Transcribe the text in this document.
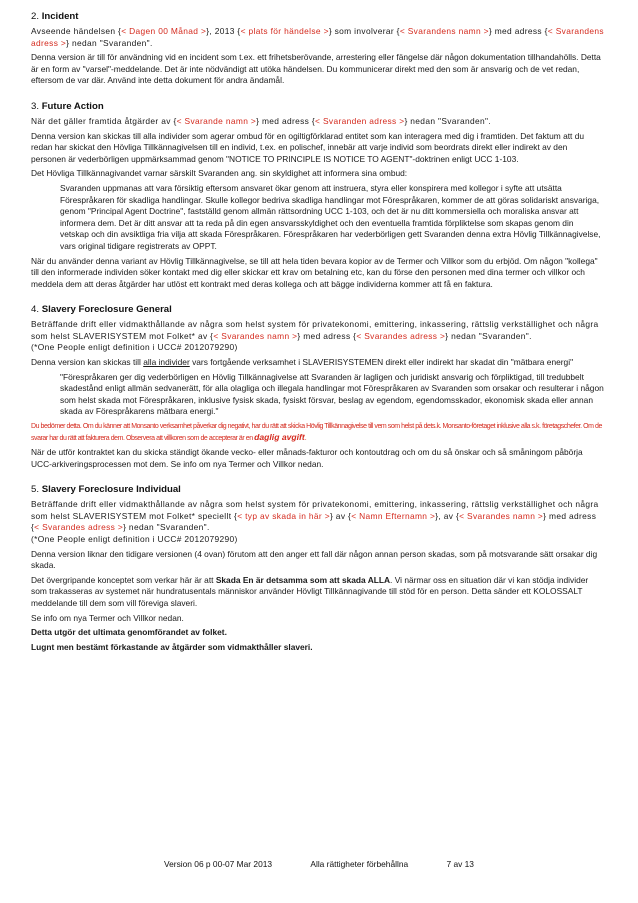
2. Incident

Avseende händelsen {< Dagen 00 Månad >}, 2013 {< plats för händelse >} som involverar {< Svarandens namn >} med adress {< Svarandens adress >} nedan "Svaranden".

Denna version är till för användning vid en incident som t.ex. ett frihetsberövande, arrestering eller fängelse där någon dokumentation tillhandahölls. Detta är en form av "varsel"-meddelande. Det är inte nödvändigt att utöka händelsen. Du kommunicerar direkt med den som är ansvarig och de vet redan, eftersom de var där. Använd inte detta dokument för andra ändamål.

3. Future Action

När det gäller framtida åtgärder av {< Svarande namn >} med adress {< Svaranden adress >} nedan "Svaranden".

Denna version kan skickas till alla individer som agerar ombud för en ogiltigförklarad entitet som kan interagera med dig i framtiden. Det faktum att du redan har skickat den Hövliga Tillkännagivelsen till en individ, t.ex. en polischef, innebär att varje individ som beordrats direkt eller indirekt av den personen är vederbörligen uppmärksammad genom "NOTICE TO PRINCIPLE IS NOTICE TO AGENT"-doktrinen enligt UCC 1-103.

Det Hövliga Tillkännagivandet varnar särskilt Svaranden ang. sin skyldighet att informera sina ombud:

Svaranden uppmanas att vara försiktig eftersom ansvaret ökar genom att instruera, styra eller konspirera med kollegor i syfte att utsätta Förespråkaren för skadliga handlingar. Skulle kollegor bedriva skadliga handlingar mot Förespråkaren, kommer de att göras solidariskt ansvariga, genom "Principal Agent Doctrine", fastställd genom allmän rättsordning UCC 1-103, och det är nu ditt kommersiella och moraliska ansvar att informera dem. Det är ditt ansvar att ta reda på din egen ansvarsskyldighet och den eventuella framtida förpliktelse som skapas genom din vetskap och din avsiktliga fria vilja att skada Förespråkaren. Förespråkaren har vederbörligen gett Svaranden denna extra Hövlig Tillkännagivelse, vars original tidigare registrerats av OPPT.

När du använder denna variant av Hövlig Tillkännagivelse, se till att hela tiden bevara kopior av de Termer och Villkor som du erbjöd. Om någon "kollega" till den informerade individen söker kontakt med dig eller skickar ett krav om betalning etc, kan du förse den personen med dina termer och villkor och meddela dem att deras åtgärder har utlöst ett kontrakt med deras kollega och att bägge individerna kommer att få en faktura.

4. Slavery Foreclosure General

Beträffande drift eller vidmakthållande av några som helst system för privatekonomi, emittering, inkassering, rättslig verkställighet och några som helst SLAVERISYSTEM mot Folket* av {< Svarandes namn >} med adress {< Svarandes adress >} nedan "Svaranden".
(*One People enligt definition i UCC# 2012079290)

Denna version kan skickas till alla individer vars fortgående verksamhet i SLAVERISYSTEMEN direkt eller indirekt har skadat din "mätbara energi"

"Förespråkaren ger dig vederbörligen en Hövlig Tillkännagivelse att Svaranden är lagligen och juridiskt ansvarig och förpliktigad, till tredubbelt skadestånd enligt allmän sedvanerätt, för alla olagliga och illegala handlingar mot Förespråkaren av Svaranden som orsakar och resulterar i någon som helst skada mot Förespråkaren, inklusive fysisk skada, fysiskt försvar, beslag av egendom, egendomsskador, ekonomisk skada eller annan skada av Förespråkarens mätbara energi."

Du bedömer detta. Om du känner att Monsanto verksamhet påverkar dig negativt, har du rätt att skicka Hövlig Tillkännagivelse till vem som helst på dets.k. Monsanto-företaget inklusive alla s.k. företagschefer. Om de svarar har du rätt att fakturera dem. Observera att villkoren som de accepterar är en daglig avgift.

När de utför kontraktet kan du skicka ständigt ökande vecko- eller månads-fakturor och kontoutdrag och om du så önskar och så småningom påbörja UCC-arkiveringsprocessen mot dem. Se info om nya Termer och Villkor nedan.

5. Slavery Foreclosure Individual

Beträffande drift eller vidmakthållande av några som helst system för privatekonomi, emittering, inkassering, rättslig verkställighet och några som helst SLAVERISYSTEM mot Folket* speciellt {< typ av skada in här >} av {< Namn Efternamn >}, av {< Svarandes namn >} med adress {< Svarandes adress >} nedan "Svaranden".
(*One People enligt definition i UCC# 2012079290)

Denna version liknar den tidigare versionen (4 ovan) förutom att den anger ett fall där någon annan person skadas, som på motsvarande sätt orsakar dig skada.

Det övergripande konceptet som verkar här är att Skada En är detsamma som att skada ALLA. Vi närmar oss en situation där vi kan stödja individer som trakasseras av systemet när hundratusentals människor använder Hövligt Tillkännagivande till stöd för en person. Detta sänder ett KOLOSSALT meddelande till dem som vill föreviga slaveri.

Se info om nya Termer och Villkor nedan.

Detta utgör det ultimata genomförandet av folket.

Lugnt men bestämt förkastande av åtgärder som vidmakthåller slaveri.

Version 06 p 00-07 Mar 2013	Alla rättigheter förbehållna	7 av 13
